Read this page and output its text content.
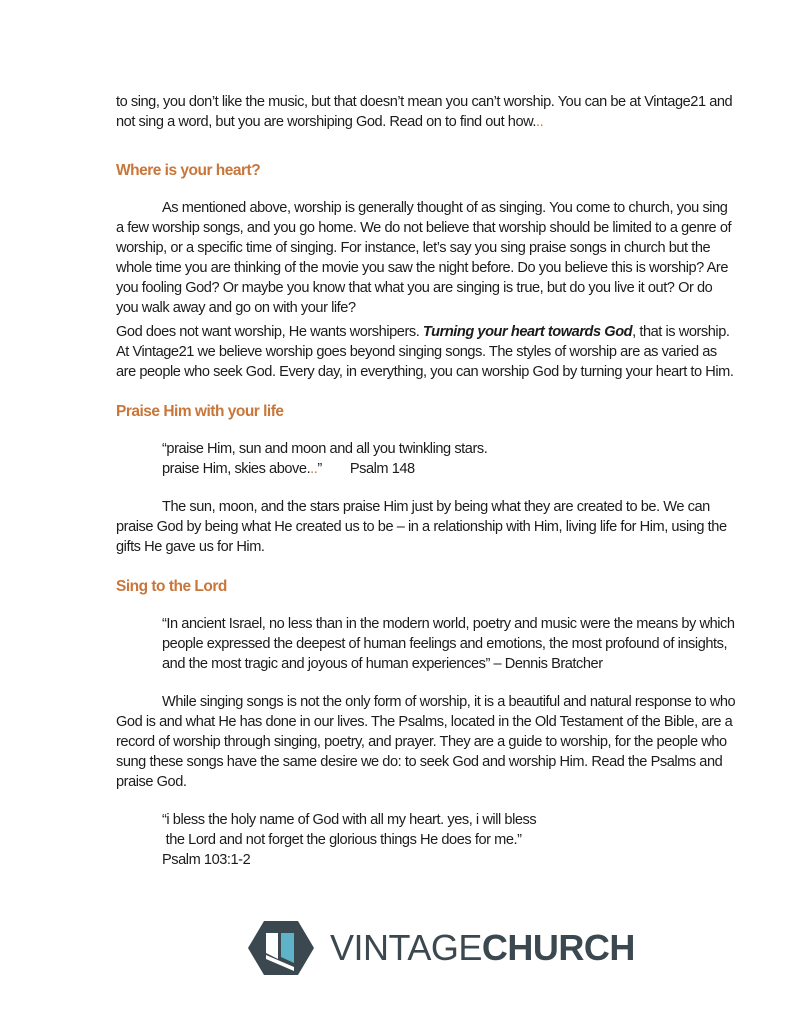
to sing, you don’t like the music, but that doesn’t mean you can’t worship. You can be at Vintage21 and not sing a word, but you are worshiping God. Read on to find out how...

Where is your heart?

As mentioned above, worship is generally thought of as singing. You come to church, you sing a few worship songs, and you go home. We do not believe that worship should be limited to a genre of worship, or a specific time of singing. For instance, let’s say you sing praise songs in church but the whole time you are thinking of the movie you saw the night before. Do you believe this is worship? Are you fooling God? Or maybe you know that what you are singing is true, but do you live it out? Or do you walk away and go on with your life?

God does not want worship, He wants worshipers. Turning your heart towards God, that is worship. At Vintage21 we believe worship goes beyond singing songs. The styles of worship are as varied as are people who seek God. Every day, in everything, you can worship God by turning your heart to Him.

Praise Him with your life

“praise Him, sun and moon and all you twinkling stars.

praise Him, skies above...” Psalm 148

The sun, moon, and the stars praise Him just by being what they are created to be. We can praise God by being what He created us to be – in a relationship with Him, living life for Him, using the gifts He gave us for Him.

Sing to the Lord

“In ancient Israel, no less than in the modern world, poetry and music were the means by which people expressed the deepest of human feelings and emotions, the most profound of insights, and the most tragic and joyous of human experiences” – Dennis Bratcher

While singing songs is not the only form of worship, it is a beautiful and natural response to who God is and what He has done in our lives. The Psalms, located in the Old Testament of the Bible, are a record of worship through singing, poetry, and prayer. They are a guide to worship, for the people who sung these songs have the same desire we do: to seek God and worship Him. Read the Psalms and praise God.

“i bless the holy name of God with all my heart. yes, i will bless

the Lord and not forget the glorious things He does for me.”

Psalm 103:1-2

VINTAGECHURCH
